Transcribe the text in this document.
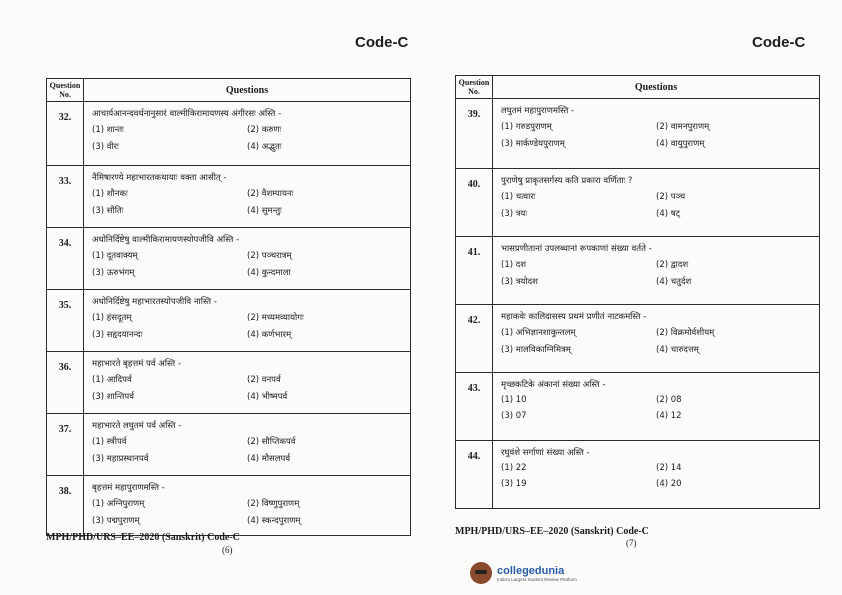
Code-C	Code-C
Question
No.	Questions
32.	आचार्यआनन्दवर्धनानुसारं वाल्मीकिरामायणस्य अंगीरसः अस्ति -
(1) शान्तः (2) करुणः
(3) वीरः (4) अद्भुतः

33.	नैमिषारण्ये महाभारतकथायाः वक्ता आसीत् -
(1) शौनकः (2) वैशम्पायनः
(3) सौतिः (4) सुमन्तुः

34.	अधोनिर्दिष्टेषु वाल्मीकिरामायणस्योपजीवि अस्ति -
(1) दूतवाक्यम् (2) पञ्चरात्रम्
(3) ऊरुभंगम् (4) कुन्दमाला

35.	अधोनिर्दिष्टेषु महाभारतस्योपजीवि नास्ति -
(1) हंसदूतम् (2) मध्यमव्यायोगः
(3) सहृदयानन्दः (4) कर्णभारम्

36.	महाभारते बृहत्तमं पर्व अस्ति -
(1) आदिपर्व (2) वनपर्व
(3) शान्तिपर्व (4) भीष्मपर्व

37.	महाभारते लघुतमं पर्व अस्ति -
(1) स्त्रीपर्व (2) सौप्तिकपर्व
(3) महाप्रस्थानपर्व (4) मौसलपर्व

38.	बृहत्तमं महापुराणमस्ति -
(1) अग्निपुराणम् (2) विष्णुपुराणम्
(3) पद्मपुराणम् (4) स्कन्दपुराणम्
Question
No.	Questions
39.	लघुतमं महापुराणमस्ति -
(1) गरुडपुराणम् (2) वामनपुराणम्
(3) मार्कण्डेयपुराणम् (4) वायुपुराणम्

40.	पुराणेषु प्राकृतसर्गस्य कति प्रकारा वर्णिताः ?
(1) चत्वारः (2) पञ्च
(3) त्रयः (4) षट्

41.	भासप्रणीतानां उपलब्धानां रूपकाणां संख्या वर्तते -
(1) दश (2) द्वादश
(3) त्रयोदश (4) चतुर्दश

42.	महाकवेः कालिदासस्य प्रथमं प्रणीतं नाटकमस्ति -
(1) अभिज्ञानशाकुन्तलम् (2) विक्रमोर्वशीयम्
(3) मालविकाग्निमित्रम् (4) चारुदत्तम्

43.	मृच्छकटिके अंकानां संख्या अस्ति -
(1) 10 (2) 08
(3) 07 (4) 12

44.	रघुवंशे सर्गाणां संख्या अस्ति -
(1) 22 (2) 14
(3) 19 (4) 20
MPH/PHD/URS–EE–2020 (Sanskrit) Code-C
(6)
MPH/PHD/URS–EE–2020 (Sanskrit) Code-C
(7)
collegedunia
India's Largest Student Review Platform
